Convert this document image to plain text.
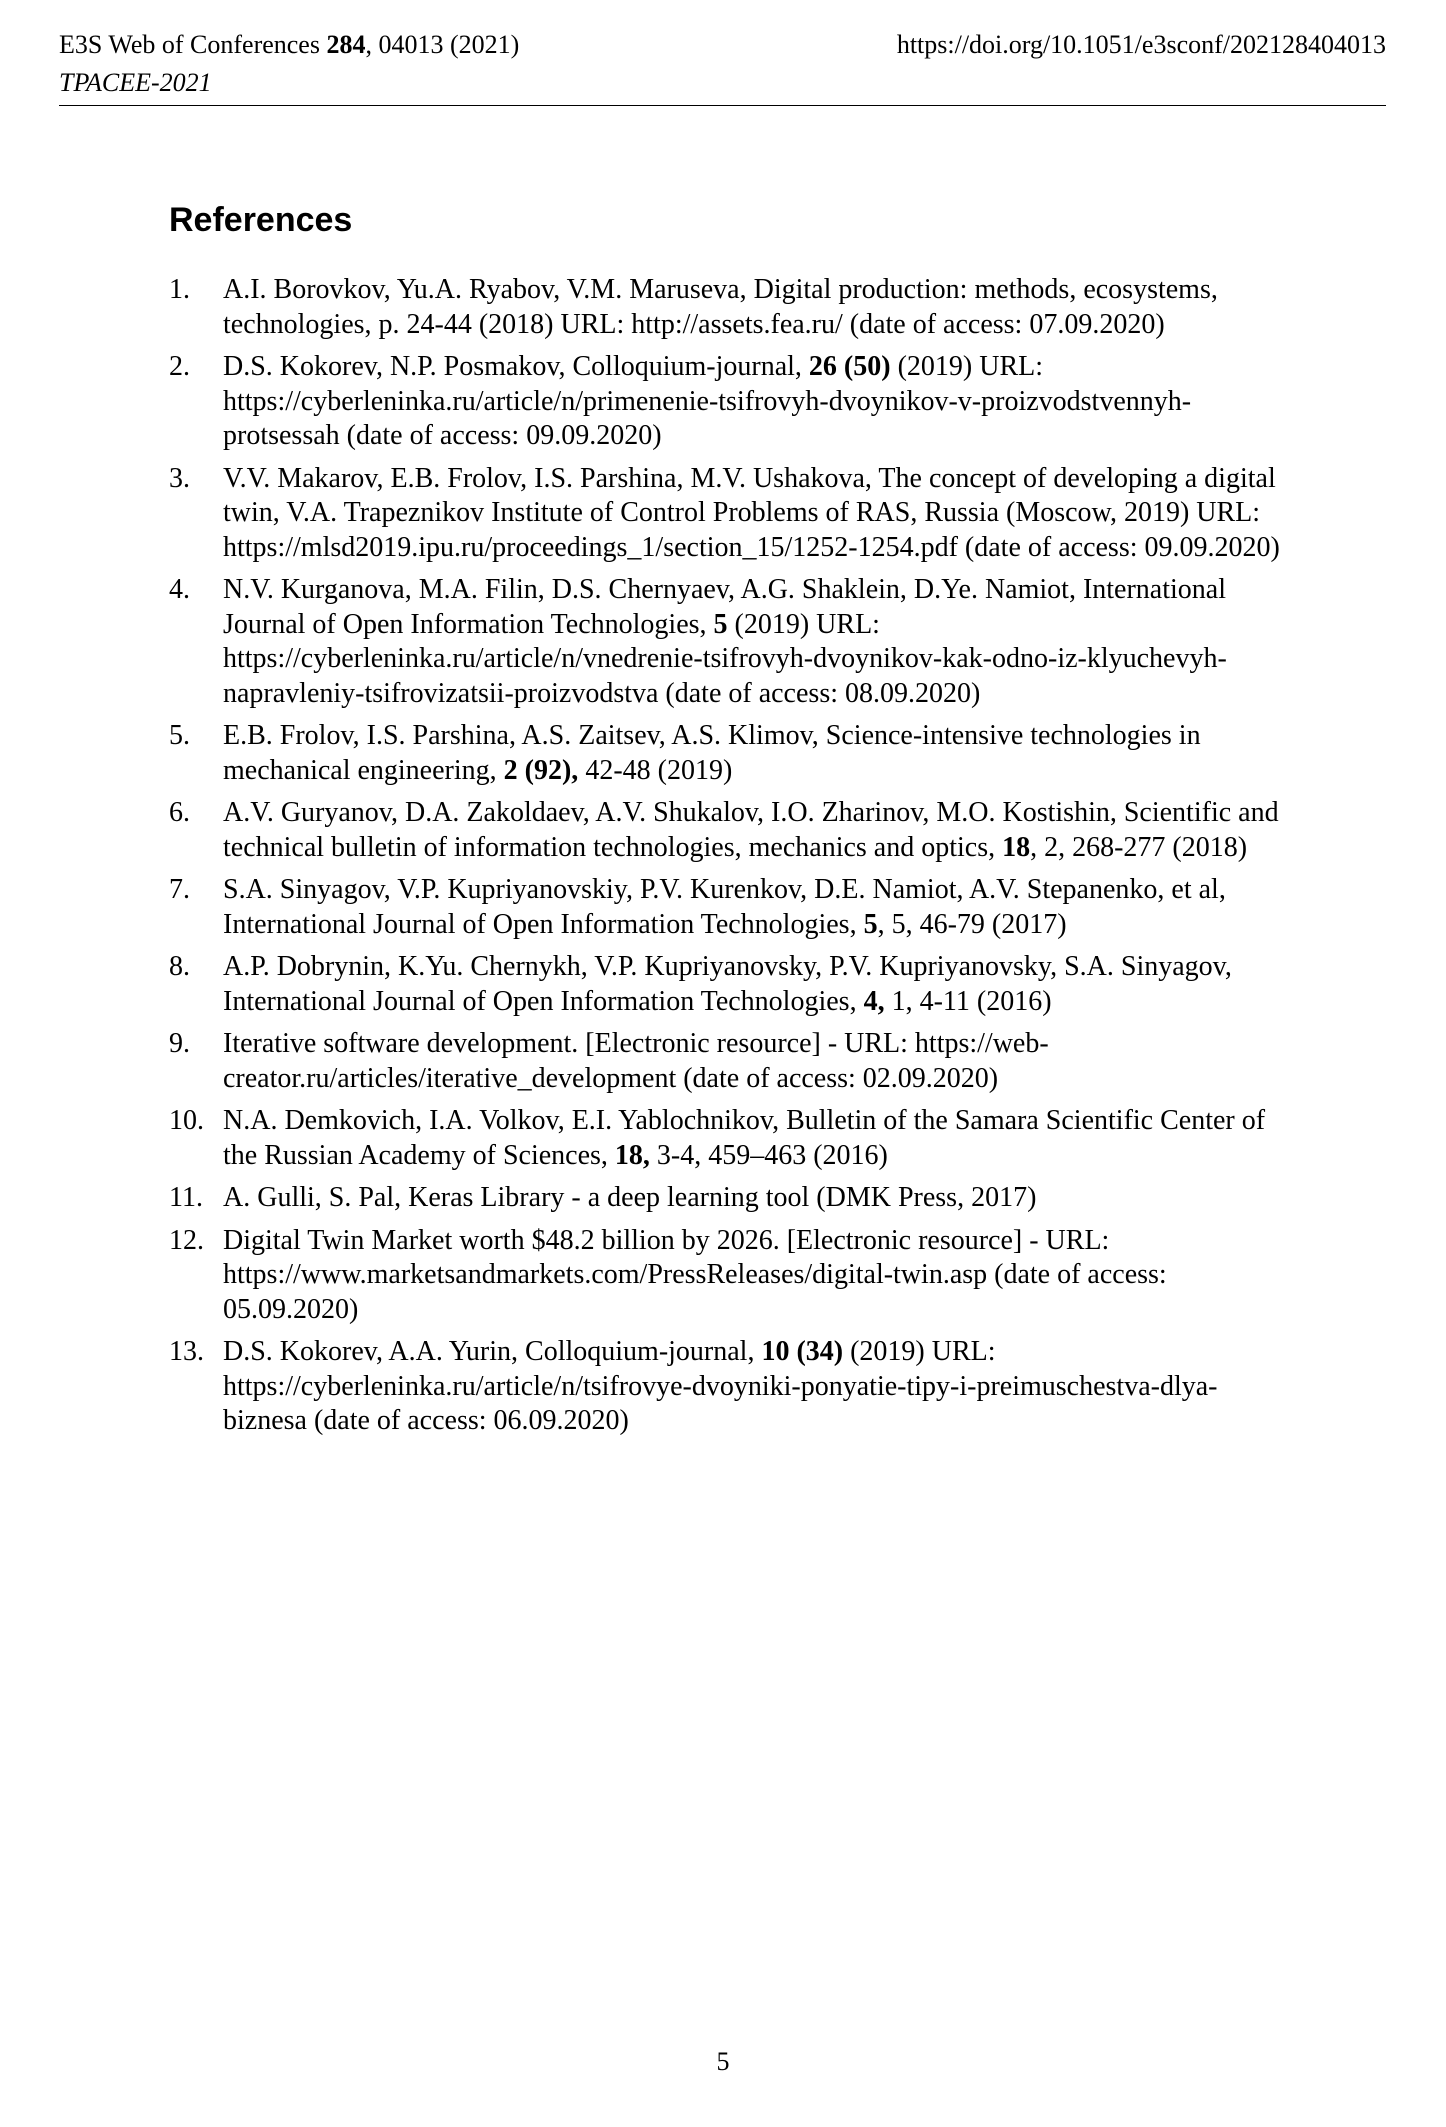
E3S Web of Conferences 284, 04013 (2021)	https://doi.org/10.1051/e3sconf/202128404013
TPACEE-2021
References
1. A.I. Borovkov, Yu.A. Ryabov, V.M. Maruseva, Digital production: methods, ecosystems, technologies, p. 24-44 (2018) URL: http://assets.fea.ru/ (date of access: 07.09.2020)
2. D.S. Kokorev, N.P. Posmakov, Colloquium-journal, 26 (50) (2019) URL: https://cyberleninka.ru/article/n/primenenie-tsifrovyh-dvoynikov-v-proizvodstvennyh-protsessah (date of access: 09.09.2020)
3. V.V. Makarov, E.B. Frolov, I.S. Parshina, M.V. Ushakova, The concept of developing a digital twin, V.A. Trapeznikov Institute of Control Problems of RAS, Russia (Moscow, 2019) URL: https://mlsd2019.ipu.ru/proceedings_1/section_15/1252-1254.pdf (date of access: 09.09.2020)
4. N.V. Kurganova, M.A. Filin, D.S. Chernyaev, A.G. Shaklein, D.Ye. Namiot, International Journal of Open Information Technologies, 5 (2019) URL: https://cyberleninka.ru/article/n/vnedrenie-tsifrovyh-dvoynikov-kak-odno-iz-klyuchevyh-napravleniy-tsifrovizatsii-proizvodstva (date of access: 08.09.2020)
5. E.B. Frolov, I.S. Parshina, A.S. Zaitsev, A.S. Klimov, Science-intensive technologies in mechanical engineering, 2 (92), 42-48 (2019)
6. A.V. Guryanov, D.A. Zakoldaev, A.V. Shukalov, I.O. Zharinov, M.O. Kostishin, Scientific and technical bulletin of information technologies, mechanics and optics, 18, 2, 268-277 (2018)
7. S.A. Sinyagov, V.P. Kupriyanovskiy, P.V. Kurenkov, D.E. Namiot, A.V. Stepanenko, et al, International Journal of Open Information Technologies, 5, 5, 46-79 (2017)
8. A.P. Dobrynin, K.Yu. Chernykh, V.P. Kupriyanovsky, P.V. Kupriyanovsky, S.A. Sinyagov, International Journal of Open Information Technologies, 4, 1, 4-11 (2016)
9. Iterative software development. [Electronic resource] - URL: https://web-creator.ru/articles/iterative_development (date of access: 02.09.2020)
10. N.A. Demkovich, I.A. Volkov, E.I. Yablochnikov, Bulletin of the Samara Scientific Center of the Russian Academy of Sciences, 18, 3-4, 459–463 (2016)
11. A. Gulli, S. Pal, Keras Library - a deep learning tool (DMK Press, 2017)
12. Digital Twin Market worth $48.2 billion by 2026. [Electronic resource] - URL: https://www.marketsandmarkets.com/PressReleases/digital-twin.asp (date of access: 05.09.2020)
13. D.S. Kokorev, A.A. Yurin, Colloquium-journal, 10 (34) (2019) URL: https://cyberleninka.ru/article/n/tsifrovye-dvoyniki-ponyatie-tipy-i-preimuschestva-dlya-biznesa (date of access: 06.09.2020)
5
